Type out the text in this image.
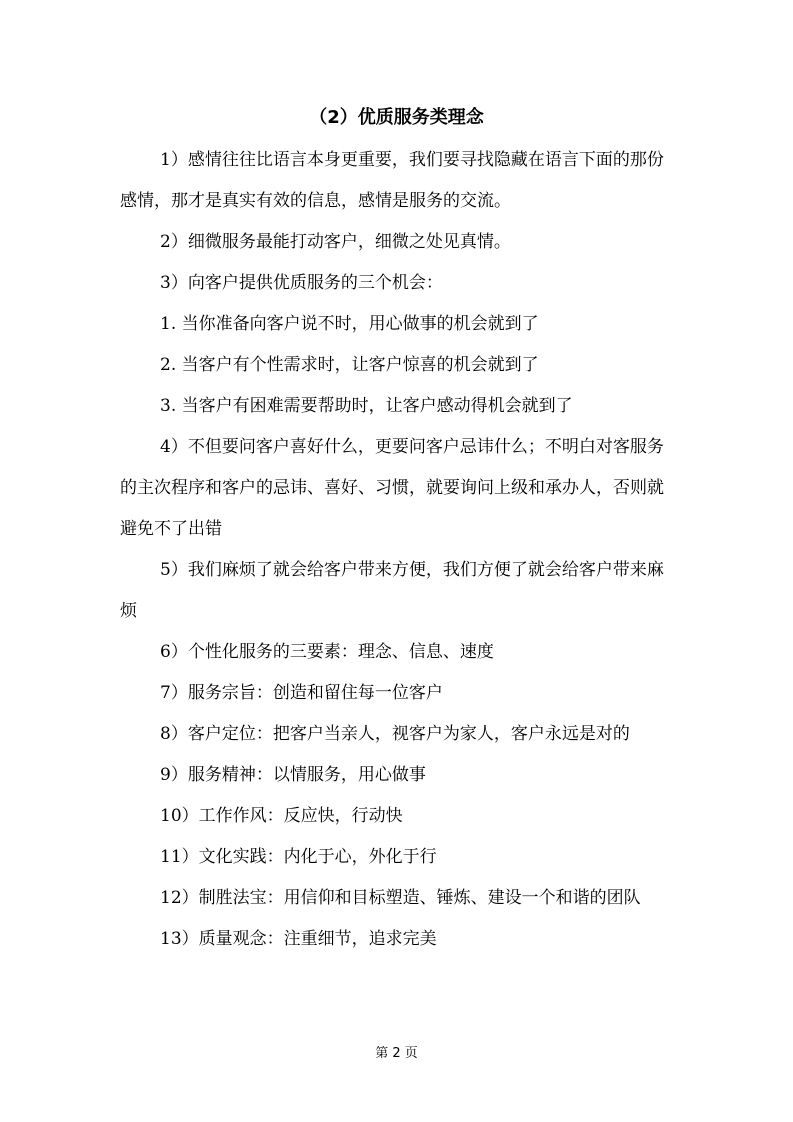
（2）优质服务类理念

1）感情往往比语言本身更重要，我们要寻找隐藏在语言下面的那份感情，那才是真实有效的信息，感情是服务的交流。

2）细微服务最能打动客户，细微之处见真情。

3）向客户提供优质服务的三个机会：

1. 当你准备向客户说不时，用心做事的机会就到了

2. 当客户有个性需求时，让客户惊喜的机会就到了

3. 当客户有困难需要帮助时，让客户感动得机会就到了

4）不但要问客户喜好什么，更要问客户忌讳什么；不明白对客服务的主次程序和客户的忌讳、喜好、习惯，就要询问上级和承办人，否则就避免不了出错

5）我们麻烦了就会给客户带来方便，我们方便了就会给客户带来麻烦

6）个性化服务的三要素：理念、信息、速度

7）服务宗旨：创造和留住每一位客户

8）客户定位：把客户当亲人，视客户为家人，客户永远是对的

9）服务精神：以情服务，用心做事

10）工作作风：反应快，行动快

11）文化实践：内化于心，外化于行

12）制胜法宝：用信仰和目标塑造、锤炼、建设一个和谐的团队

13）质量观念：注重细节，追求完美

第 2 页
